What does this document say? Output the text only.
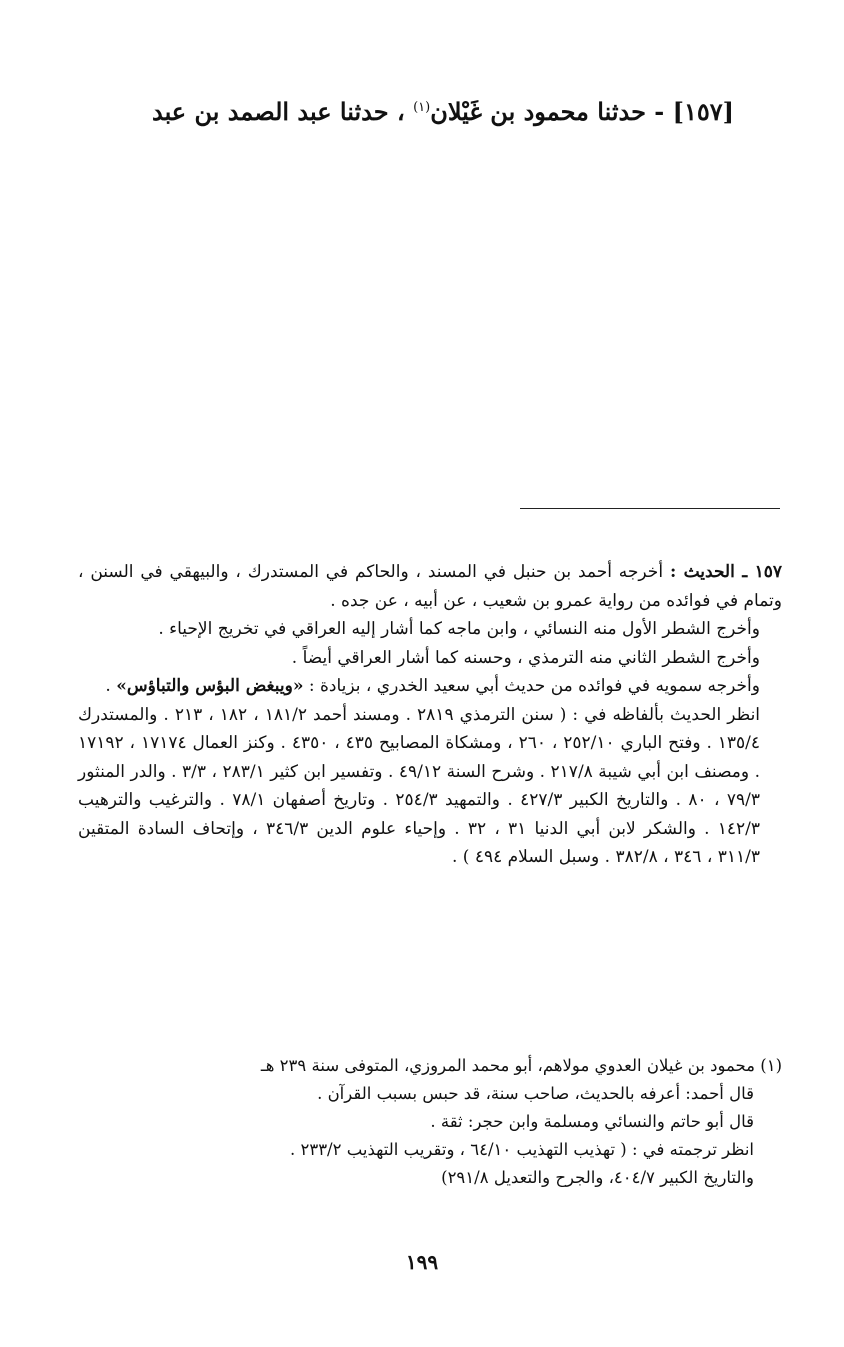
[١٥٧] - حدثنا محمود بن غَيْلان$^{(١)}$ ، حدثنا عبد الصمد بن عبد

١٥٧ ـ الحديث : أخرجه أحمد بن حنبل في المسند ، والحاكم في المستدرك ، والبيهقي في السنن ، وتمام في فوائده من رواية عمرو بن شعيب ، عن أبيه ، عن جده .

وأخرج الشطر الأول منه النسائي ، وابن ماجه كما أشار إليه العراقي في تخريج الإحياء .

وأخرج الشطر الثاني منه الترمذي ، وحسنه كما أشار العراقي أيضاً .

وأخرجه سمويه في فوائده من حديث أبي سعيد الخدري ، بزيادة : «ويبغض البؤس والتباؤس» .

انظر الحديث بألفاظه في : ( سنن الترمذي ٢٨١٩ . ومسند أحمد ١٨١/٢ ، ١٨٢ ، ٢١٣ . والمستدرك ١٣٥/٤ . وفتح الباري ٢٥٢/١٠ ، ٢٦٠ ، ومشكاة المصابيح ٤٣٥ ، ٤٣٥٠ . وكنز العمال ١٧١٧٤ ، ١٧١٩٢ . ومصنف ابن أبي شيبة ٢١٧/٨ . وشرح السنة ٤٩/١٢ . وتفسير ابن كثير ٢٨٣/١ ، ٣/٣ . والدر المنثور ٧٩/٣ ، ٨٠ . والتاريخ الكبير ٤٢٧/٣ . والتمهيد ٢٥٤/٣ . وتاريخ أصفهان ٧٨/١ . والترغيب والترهيب ١٤٢/٣ . والشكر لابن أبي الدنيا ٣١ ، ٣٢ . وإحياء علوم الدين ٣٤٦/٣ ، وإتحاف السادة المتقين ٣١١/٣ ، ٣٤٦ ، ٣٨٢/٨ . وسبل السلام ٤٩٤ ) .

(١) محمود بن غيلان العدوي مولاهم، أبو محمد المروزي، المتوفى سنة ٢٣٩ هـ

قال أحمد: أعرفه بالحديث، صاحب سنة، قد حبس بسبب القرآن .

قال أبو حاتم والنسائي ومسلمة وابن حجر: ثقة .

انظر ترجمته في : ( تهذيب التهذيب ٦٤/١٠ ، وتقريب التهذيب ٢٣٣/٢ .

والتاريخ الكبير ٤٠٤/٧، والجرح والتعديل ٢٩١/٨)

١٩٩
